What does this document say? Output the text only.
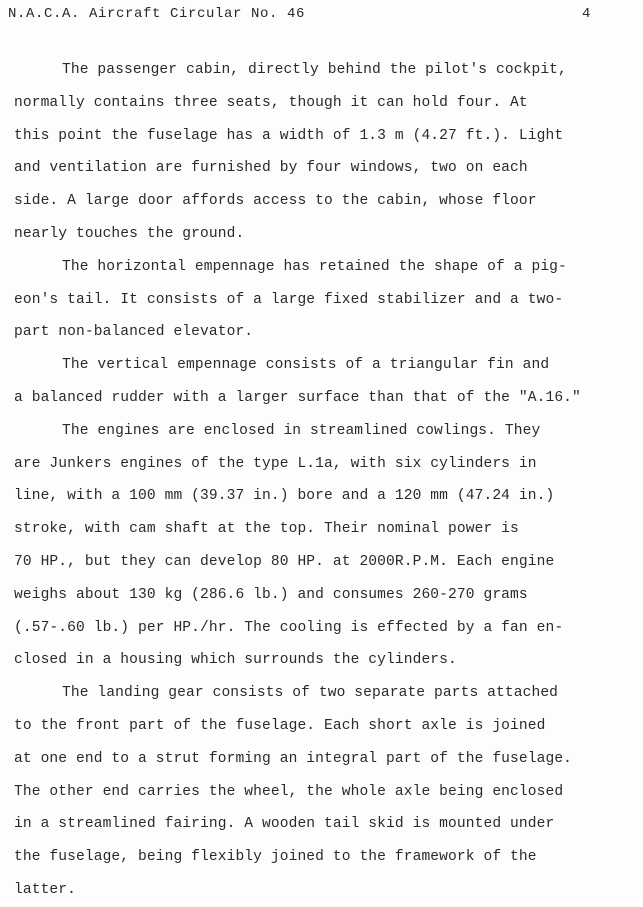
N.A.C.A. Aircraft Circular No. 46	4
The passenger cabin, directly behind the pilot's cockpit,
normally contains three seats, though it can hold four. At
this point the fuselage has a width of 1.3 m (4.27 ft.). Light
and ventilation are furnished by four windows, two on each
side. A large door affords access to the cabin, whose floor
nearly touches the ground.
The horizontal empennage has retained the shape of a pig-
eon's tail. It consists of a large fixed stabilizer and a two-
part non-balanced elevator.
The vertical empennage consists of a triangular fin and
a balanced rudder with a larger surface than that of the "A.16."
The engines are enclosed in streamlined cowlings. They
are Junkers engines of the type L.1a, with six cylinders in
line, with a 100 mm (39.37 in.) bore and a 120 mm (47.24 in.)
stroke, with cam shaft at the top. Their nominal power is
70 HP., but they can develop 80 HP. at 2000R.P.M. Each engine
weighs about 130 kg (286.6 lb.) and consumes 260-270 grams
(.57-.60 lb.) per HP./hr. The cooling is effected by a fan en-
closed in a housing which surrounds the cylinders.
The landing gear consists of two separate parts attached
to the front part of the fuselage. Each short axle is joined
at one end to a strut forming an integral part of the fuselage.
The other end carries the wheel, the whole axle being enclosed
in a streamlined fairing. A wooden tail skid is mounted under
the fuselage, being flexibly joined to the framework of the
latter.
